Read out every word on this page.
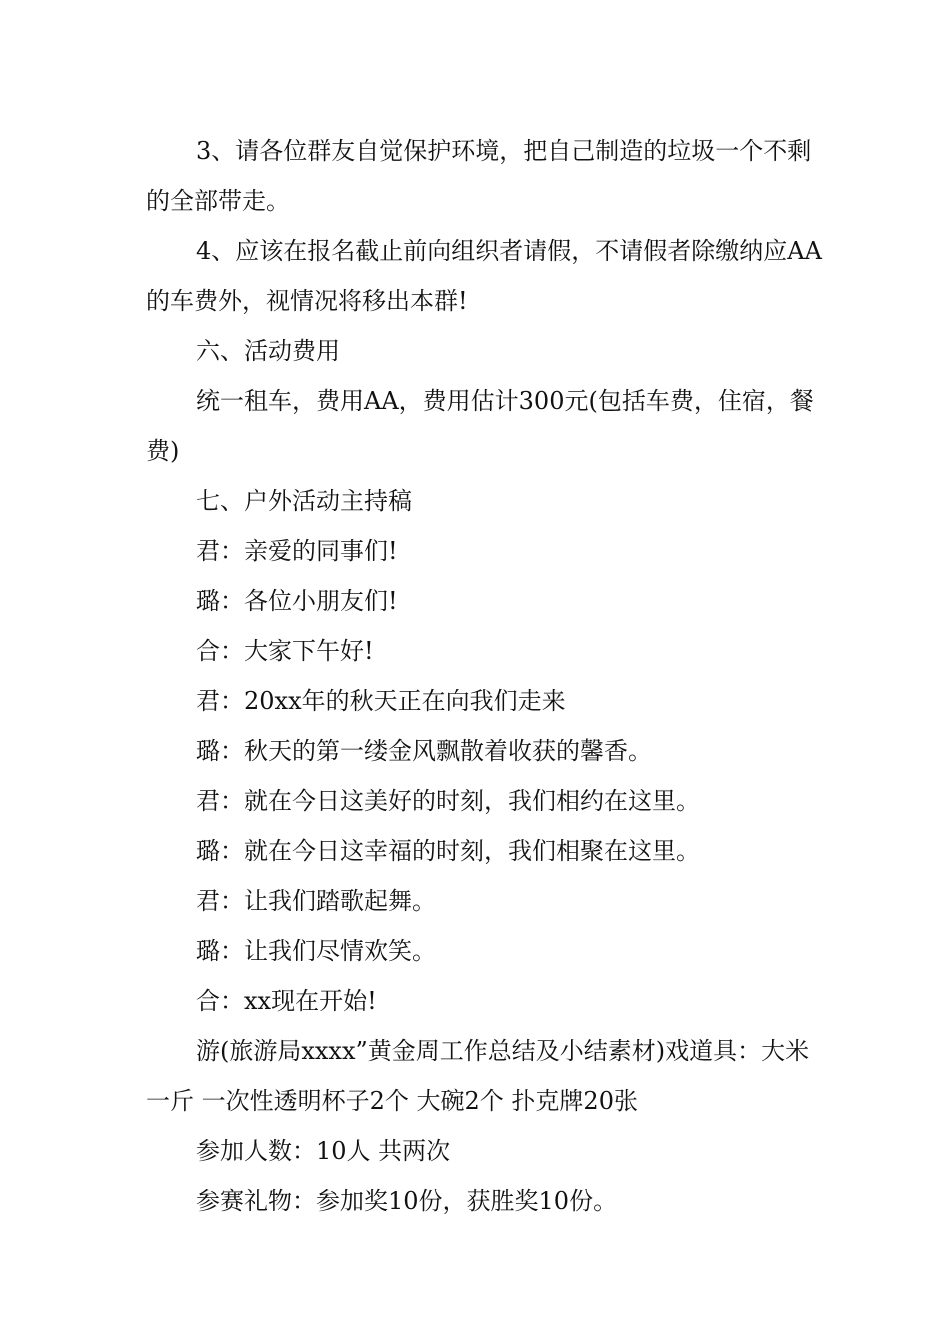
3、请各位群友自觉保护环境，把自己制造的垃圾一个不剩的全部带走。

4、应该在报名截止前向组织者请假，不请假者除缴纳应AA的车费外，视情况将移出本群!

六、活动费用

统一租车，费用AA，费用估计300元(包括车费，住宿，餐费)

七、户外活动主持稿

君：亲爱的同事们!

璐：各位小朋友们!

合：大家下午好!

君：20xx年的秋天正在向我们走来

璐：秋天的第一缕金风飘散着收获的馨香。

君：就在今日这美好的时刻，我们相约在这里。

璐：就在今日这幸福的时刻，我们相聚在这里。

君：让我们踏歌起舞。

璐：让我们尽情欢笑。

合：xx现在开始!

游(旅游局xxxx”黄金周工作总结及小结素材)戏道具：大米一斤 一次性透明杯子2个 大碗2个 扑克牌20张

参加人数：10人 共两次

参赛礼物：参加奖10份，获胜奖10份。
